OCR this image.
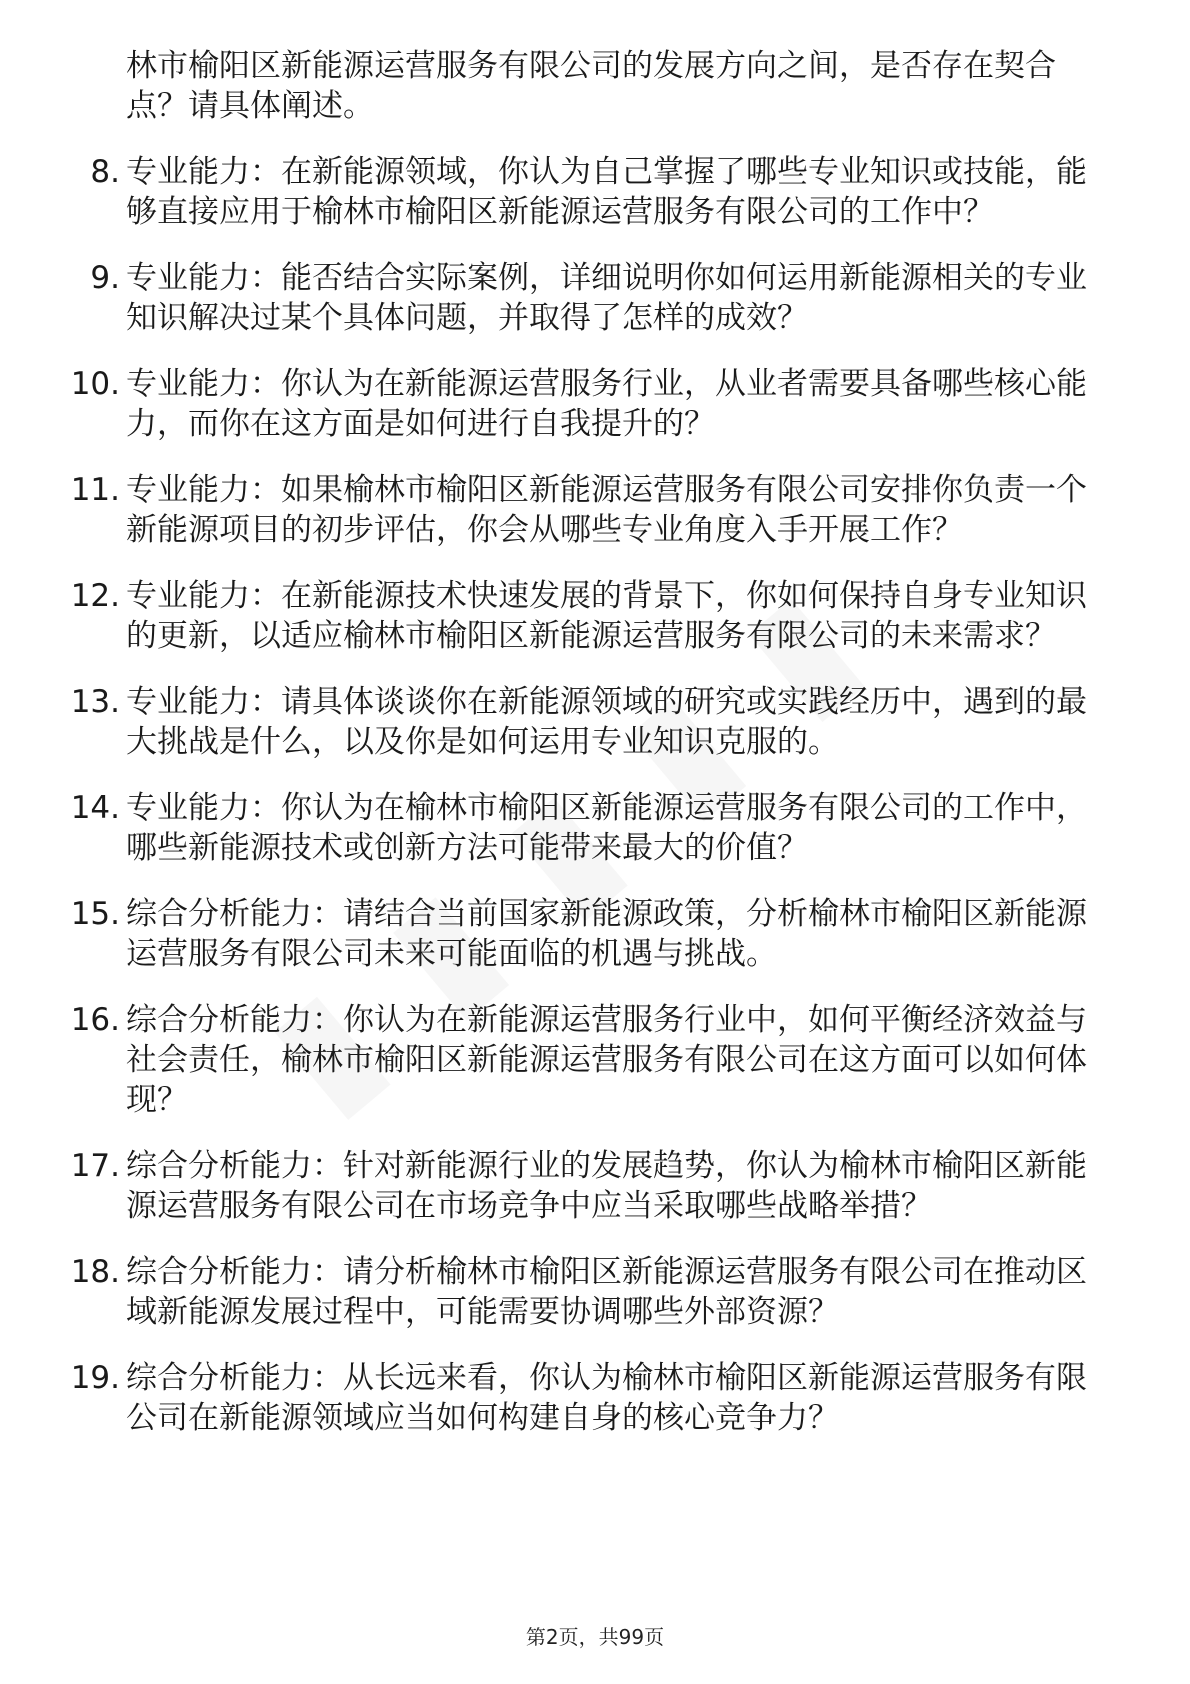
林市榆阳区新能源运营服务有限公司的发展方向之间，是否存在契合点？请具体阐述。
8. 专业能力：在新能源领域，你认为自己掌握了哪些专业知识或技能，能够直接应用于榆林市榆阳区新能源运营服务有限公司的工作中？
9. 专业能力：能否结合实际案例，详细说明你如何运用新能源相关的专业知识解决过某个具体问题，并取得了怎样的成效？
10. 专业能力：你认为在新能源运营服务行业，从业者需要具备哪些核心能力，而你在这方面是如何进行自我提升的？
11. 专业能力：如果榆林市榆阳区新能源运营服务有限公司安排你负责一个新能源项目的初步评估，你会从哪些专业角度入手开展工作？
12. 专业能力：在新能源技术快速发展的背景下，你如何保持自身专业知识的更新，以适应榆林市榆阳区新能源运营服务有限公司的未来需求？
13. 专业能力：请具体谈谈你在新能源领域的研究或实践经历中，遇到的最大挑战是什么，以及你是如何运用专业知识克服的。
14. 专业能力：你认为在榆林市榆阳区新能源运营服务有限公司的工作中，哪些新能源技术或创新方法可能带来最大的价值？
15. 综合分析能力：请结合当前国家新能源政策，分析榆林市榆阳区新能源运营服务有限公司未来可能面临的机遇与挑战。
16. 综合分析能力：你认为在新能源运营服务行业中，如何平衡经济效益与社会责任，榆林市榆阳区新能源运营服务有限公司在这方面可以如何体现？
17. 综合分析能力：针对新能源行业的发展趋势，你认为榆林市榆阳区新能源运营服务有限公司在市场竞争中应当采取哪些战略举措？
18. 综合分析能力：请分析榆林市榆阳区新能源运营服务有限公司在推动区域新能源发展过程中，可能需要协调哪些外部资源？
19. 综合分析能力：从长远来看，你认为榆林市榆阳区新能源运营服务有限公司在新能源领域应当如何构建自身的核心竞争力？
第2页，共99页
